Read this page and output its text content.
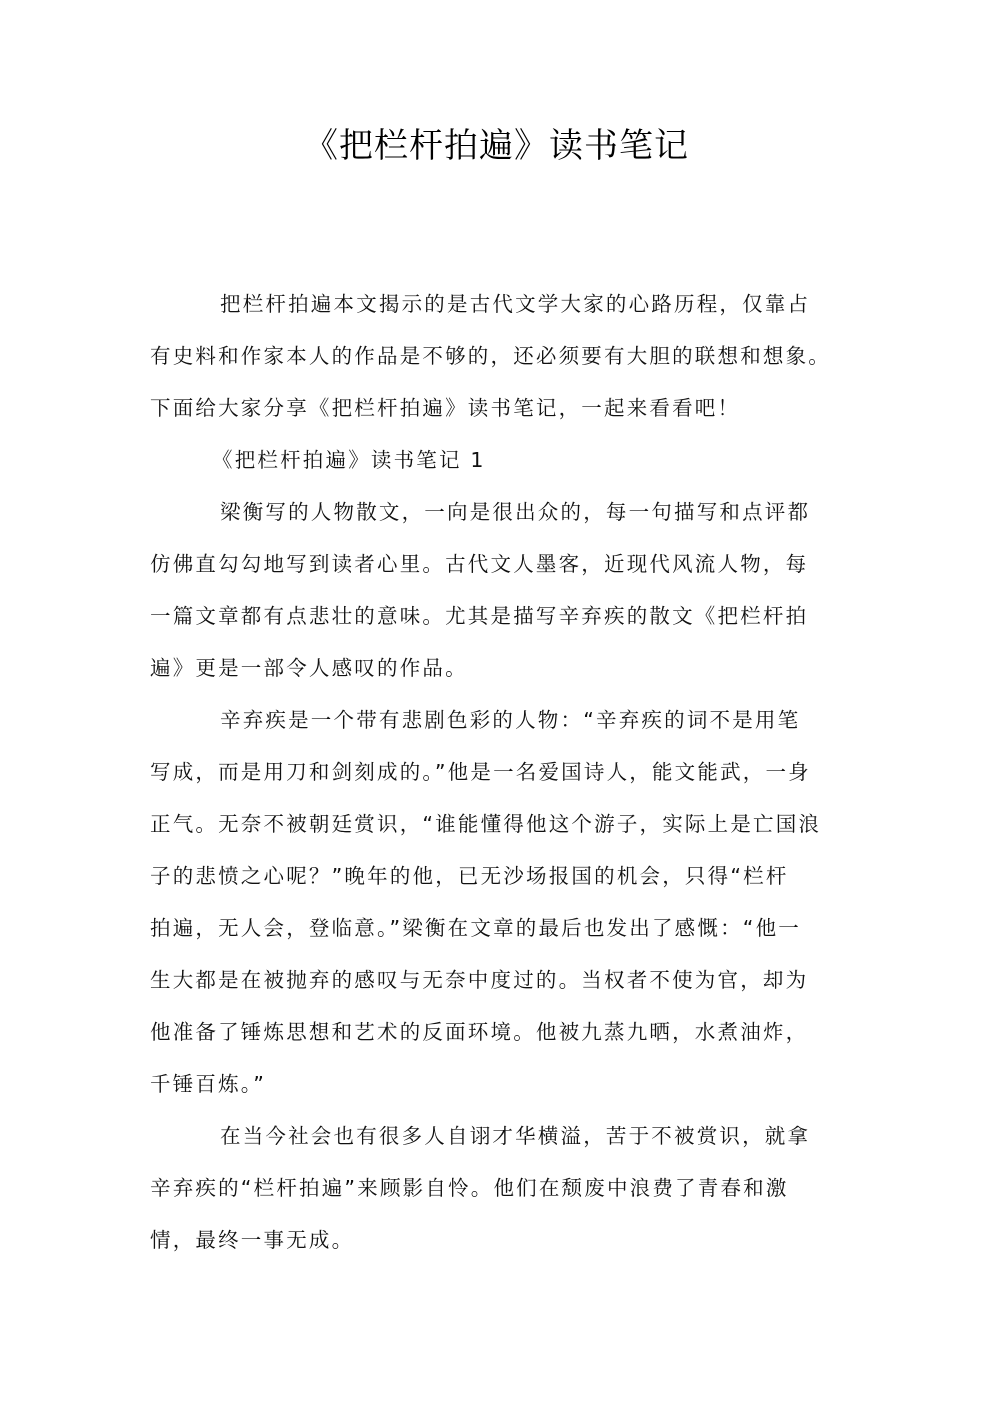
《把栏杆拍遍》读书笔记
把栏杆拍遍本文揭示的是古代文学大家的心路历程，仅靠占
有史料和作家本人的作品是不够的，还必须要有大胆的联想和想象。
下面给大家分享《把栏杆拍遍》读书笔记，一起来看看吧！
《把栏杆拍遍》读书笔记 1
梁衡写的人物散文，一向是很出众的，每一句描写和点评都
仿佛直勾勾地写到读者心里。古代文人墨客，近现代风流人物，每
一篇文章都有点悲壮的意味。尤其是描写辛弃疾的散文《把栏杆拍
遍》更是一部令人感叹的作品。
辛弃疾是一个带有悲剧色彩的人物：“辛弃疾的词不是用笔
写成，而是用刀和剑刻成的。”他是一名爱国诗人，能文能武，一身
正气。无奈不被朝廷赏识，“谁能懂得他这个游子，实际上是亡国浪
子的悲愤之心呢？”晚年的他，已无沙场报国的机会，只得“栏杆
拍遍，无人会，登临意。”梁衡在文章的最后也发出了感慨：“他一
生大都是在被抛弃的感叹与无奈中度过的。当权者不使为官，却为
他准备了锤炼思想和艺术的反面环境。他被九蒸九晒，水煮油炸，
千锤百炼。”
在当今社会也有很多人自诩才华横溢，苦于不被赏识，就拿
辛弃疾的“栏杆拍遍”来顾影自怜。他们在颓废中浪费了青春和激
情，最终一事无成。
